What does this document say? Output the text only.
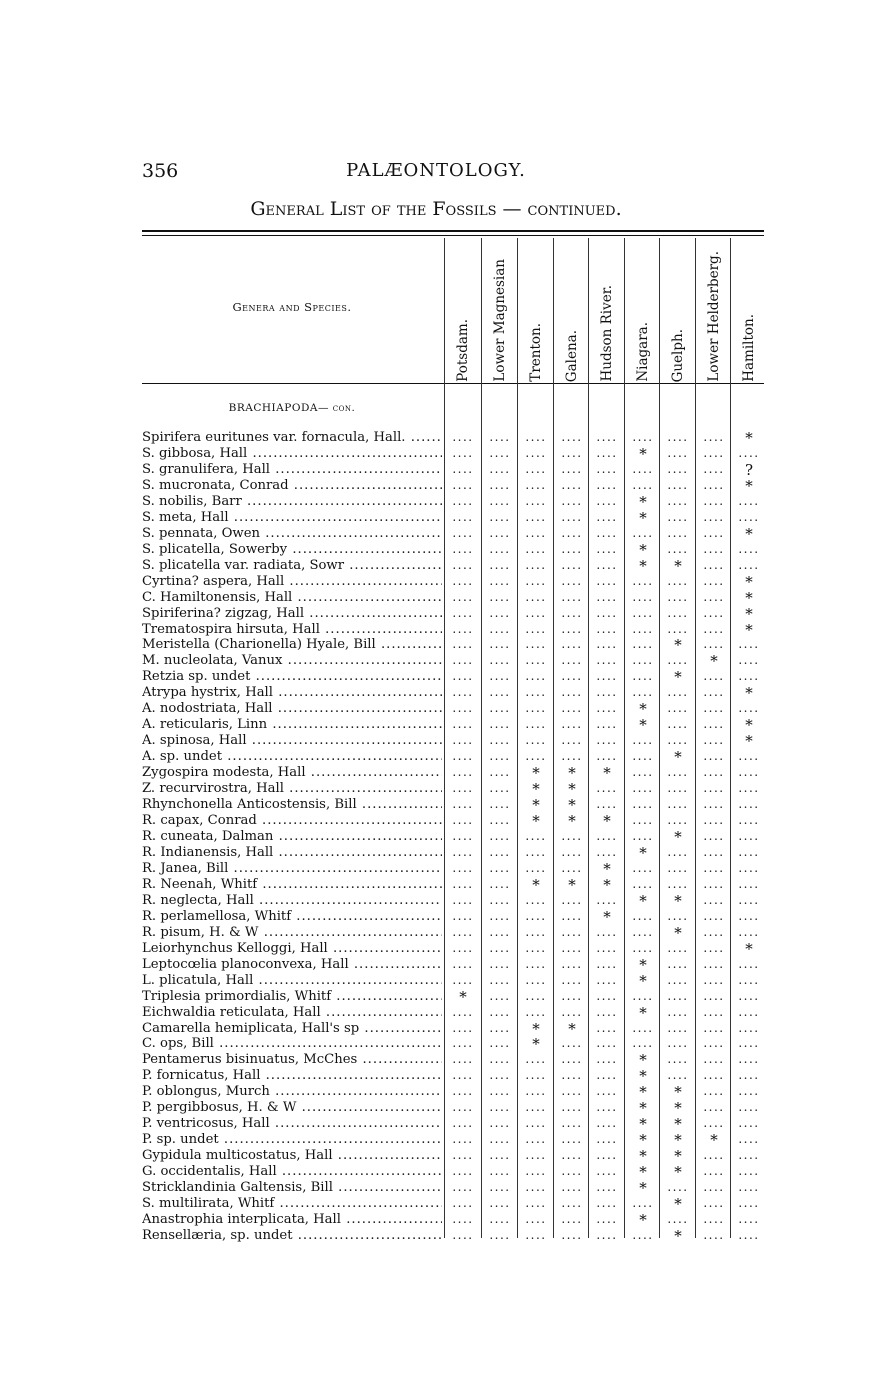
356	PALÆONTOLOGY.
General List of the Fossils — continued.
Genera and Species.
BRACHIAPODA— con.
Potsdam. Lower Magnesian Trenton. Galena. Hudson River. Niagara. Guelph. Lower Helderberg. Hamilton.
Spirifera euritunes var. fornacula, Hall. .....	....	....	....	....	....	....	....	....	*
S. gibbosa, Hall .....	....	....	....	....	....	*	....	....	....
S. granulifera, Hall .....	....	....	....	....	....	....	....	....	?
S. mucronata, Conrad .....	....	....	....	....	....	....	....	....	*
S. nobilis, Barr .....	....	....	....	....	....	*	....	....	....
S. meta, Hall .....	....	....	....	....	....	*	....	....	....
S. pennata, Owen .....	....	....	....	....	....	....	....	....	*
S. plicatella, Sowerby .....	....	....	....	....	....	*	....	....	....
S. plicatella var. radiata, Sowr .....	....	....	....	....	....	*	*	....	....
Cyrtina? aspera, Hall .....	....	....	....	....	....	....	....	....	*
C. Hamiltonensis, Hall .....	....	....	....	....	....	....	....	....	*
Spiriferina? zigzag, Hall .....	....	....	....	....	....	....	....	....	*
Trematospira hirsuta, Hall .....	....	....	....	....	....	....	....	....	*
Meristella (Charionella) Hyale, Bill .....	....	....	....	....	....	....	*	....	....
M. nucleolata, Vanux .....	....	....	....	....	....	....	....	*	....
Retzia sp. undet .....	....	....	....	....	....	....	*	....	....
Atrypa hystrix, Hall .....	....	....	....	....	....	....	....	....	*
A. nodostriata, Hall .....	....	....	....	....	....	*	....	....	....
A. reticularis, Linn .....	....	....	....	....	....	*	....	....	*
A. spinosa, Hall .....	....	....	....	....	....	....	....	....	*
A. sp. undet .....	....	....	....	....	....	....	*	....	....
Zygospira modesta, Hall .....	....	....	*	*	*	....	....	....	....
Z. recurvirostra, Hall .....	....	....	*	*	....	....	....	....	....
Rhynchonella Anticostensis, Bill .....	....	....	*	*	....	....	....	....	....
R. capax, Conrad .....	....	....	*	*	*	....	....	....	....
R. cuneata, Dalman .....	....	....	....	....	....	....	*	....	....
R. Indianensis, Hall .....	....	....	....	....	....	*	....	....	....
R. Janea, Bill .....	....	....	....	....	*	....	....	....	....
R. Neenah, Whitf .....	....	....	*	*	*	....	....	....	....
R. neglecta, Hall .....	....	....	....	....	....	*	*	....	....
R. perlamellosa, Whitf .....	....	....	....	....	*	....	....	....	....
R. pisum, H. & W .....	....	....	....	....	....	....	*	....	....
Leiorhynchus Kelloggi, Hall .....	....	....	....	....	....	....	....	....	*
Leptocœlia planoconvexa, Hall .....	....	....	....	....	....	*	....	....	....
L. plicatula, Hall .....	....	....	....	....	....	*	....	....	....
Triplesia primordialis, Whitf .....	*	....	....	....	....	....	....	....	....
Eichwaldia reticulata, Hall .....	....	....	....	....	....	*	....	....	....
Camarella hemiplicata, Hall's sp .....	....	....	*	*	....	....	....	....	....
C. ops, Bill .....	....	....	*	....	....	....	....	....	....
Pentamerus bisinuatus, McChes .....	....	....	....	....	....	*	....	....	....
P. fornicatus, Hall .....	....	....	....	....	....	*	....	....	....
P. oblongus, Murch .....	....	....	....	....	....	*	*	....	....
P. pergibbosus, H. & W .....	....	....	....	....	....	*	*	....	....
P. ventricosus, Hall .....	....	....	....	....	....	*	*	....	....
P. sp. undet .....	....	....	....	....	....	*	*	*	....
Gypidula multicostatus, Hall .....	....	....	....	....	....	*	*	....	....
G. occidentalis, Hall .....	....	....	....	....	....	*	*	....	....
Stricklandinia Galtensis, Bill .....	....	....	....	....	....	*	....	....	....
S. multilirata, Whitf .....	....	....	....	....	....	....	*	....	....
Anastrophia interplicata, Hall .....	....	....	....	....	....	*	....	....	....
Rensellæria, sp. undet .....	....	....	....	....	....	....	*	....	....
